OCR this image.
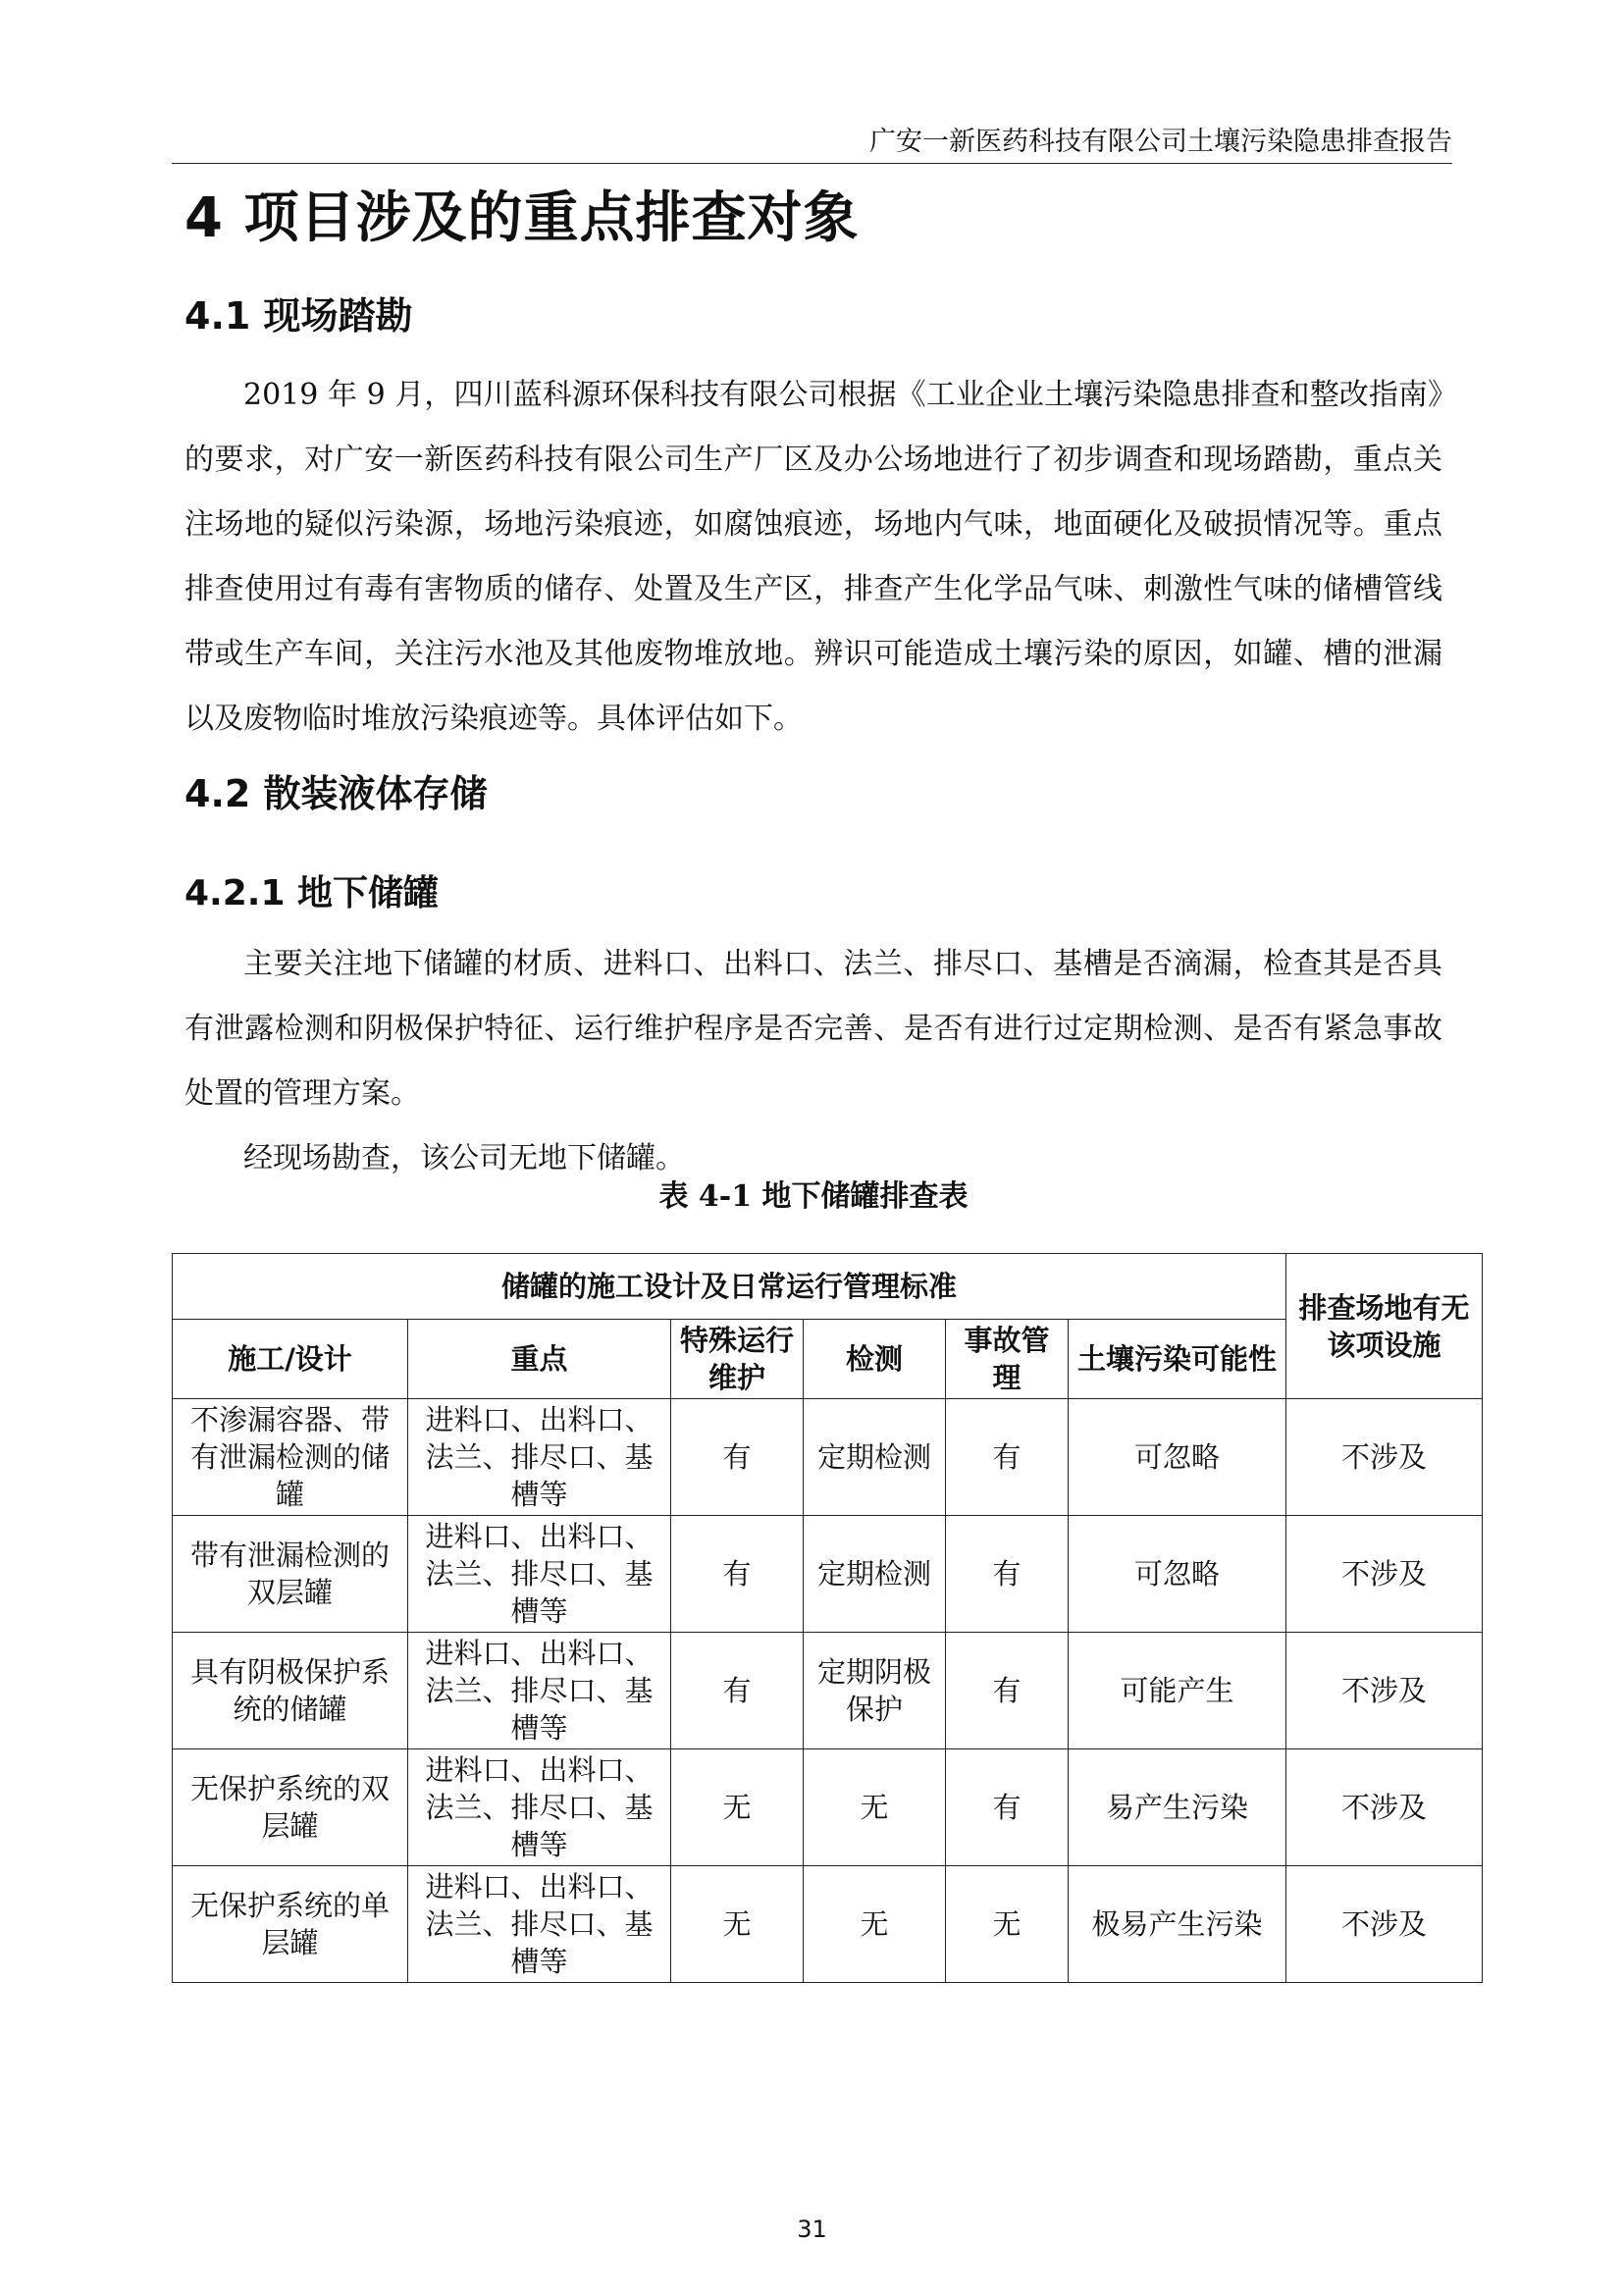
广安一新医药科技有限公司土壤污染隐患排查报告
4 项目涉及的重点排查对象
4.1 现场踏勘
2019 年 9 月，四川蓝科源环保科技有限公司根据《工业企业土壤污染隐患排查和整改指南》的要求，对广安一新医药科技有限公司生产厂区及办公场地进行了初步调查和现场踏勘，重点关注场地的疑似污染源，场地污染痕迹，如腐蚀痕迹，场地内气味，地面硬化及破损情况等。重点排查使用过有毒有害物质的储存、处置及生产区，排查产生化学品气味、刺激性气味的储槽管线带或生产车间，关注污水池及其他废物堆放地。辨识可能造成土壤污染的原因，如罐、槽的泄漏以及废物临时堆放污染痕迹等。具体评估如下。
4.2 散装液体存储
4.2.1 地下储罐
主要关注地下储罐的材质、进料口、出料口、法兰、排尽口、基槽是否滴漏，检查其是否具有泄露检测和阴极保护特征、运行维护程序是否完善、是否有进行过定期检测、是否有紧急事故处置的管理方案。
经现场勘查，该公司无地下储罐。
表 4-1 地下储罐排查表
储罐的施工设计及日常运行管理标准						排查场地有无该项设施
施工/设计	重点	特殊运行维护	检测	事故管理	土壤污染可能性	
不渗漏容器、带有泄漏检测的储罐	进料口、出料口、法兰、排尽口、基槽等	有	定期检测	有	可忽略	不涉及
带有泄漏检测的双层罐	进料口、出料口、法兰、排尽口、基槽等	有	定期检测	有	可忽略	不涉及
具有阴极保护系统的储罐	进料口、出料口、法兰、排尽口、基槽等	有	定期阴极保护	有	可能产生	不涉及
无保护系统的双层罐	进料口、出料口、法兰、排尽口、基槽等	无	无	有	易产生污染	不涉及
无保护系统的单层罐	进料口、出料口、法兰、排尽口、基槽等	无	无	无	极易产生污染	不涉及
31
